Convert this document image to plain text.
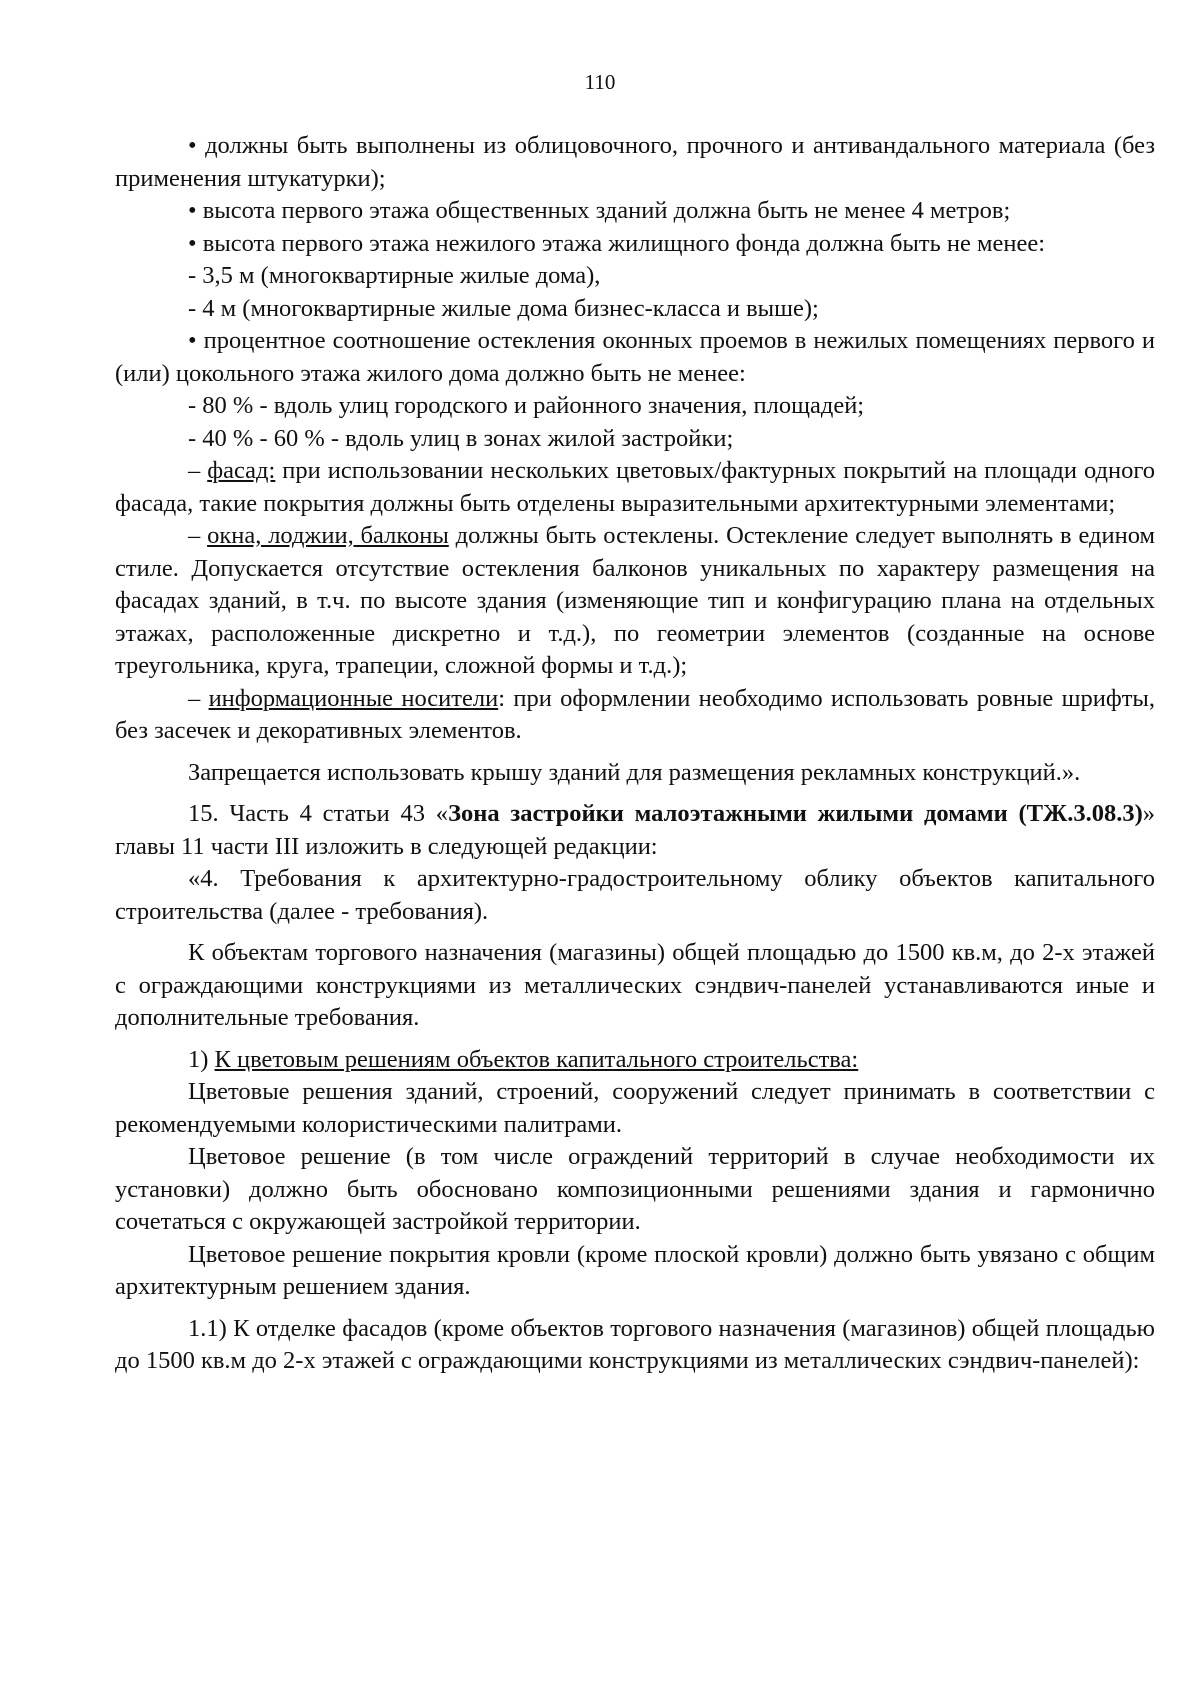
110

• должны быть выполнены из облицовочного, прочного и антивандального материала (без применения штукатурки);

• высота первого этажа общественных зданий должна быть не менее 4 метров;

• высота первого этажа нежилого этажа жилищного фонда должна быть не менее:

- 3,5 м (многоквартирные жилые дома),

- 4 м (многоквартирные жилые дома бизнес-класса и выше);

• процентное соотношение остекления оконных проемов в нежилых помещениях первого и (или) цокольного этажа жилого дома должно быть не менее:

- 80 % - вдоль улиц городского и районного значения, площадей;

- 40 % - 60 % - вдоль улиц в зонах жилой застройки;

– фасад: при использовании нескольких цветовых/фактурных покрытий на площади одного фасада, такие покрытия должны быть отделены выразительными архитектурными элементами;

– окна, лоджии, балконы должны быть остеклены. Остекление следует выполнять в едином стиле. Допускается отсутствие остекления балконов уникальных по характеру размещения на фасадах зданий, в т.ч. по высоте здания (изменяющие тип и конфигурацию плана на отдельных этажах, расположенные дискретно и т.д.), по геометрии элементов (созданные на основе треугольника, круга, трапеции, сложной формы и т.д.);

– информационные носители: при оформлении необходимо использовать ровные шрифты, без засечек и декоративных элементов.

Запрещается использовать крышу зданий для размещения рекламных конструкций.».

15. Часть 4 статьи 43 «Зона застройки малоэтажными жилыми домами (ТЖ.3.08.3)» главы 11 части III изложить в следующей редакции:

«4. Требования к архитектурно-градостроительному облику объектов капитального строительства (далее - требования).

К объектам торгового назначения (магазины) общей площадью до 1500 кв.м, до 2-х этажей с ограждающими конструкциями из металлических сэндвич-панелей устанавливаются иные и дополнительные требования.

1) К цветовым решениям объектов капитального строительства:

Цветовые решения зданий, строений, сооружений следует принимать в соответствии с рекомендуемыми колористическими палитрами.

Цветовое решение (в том числе ограждений территорий в случае необходимости их установки) должно быть обосновано композиционными решениями здания и гармонично сочетаться с окружающей застройкой территории.

Цветовое решение покрытия кровли (кроме плоской кровли) должно быть увязано с общим архитектурным решением здания.

1.1) К отделке фасадов (кроме объектов торгового назначения (магазинов) общей площадью до 1500 кв.м до 2-х этажей с ограждающими конструкциями из металлических сэндвич-панелей):
